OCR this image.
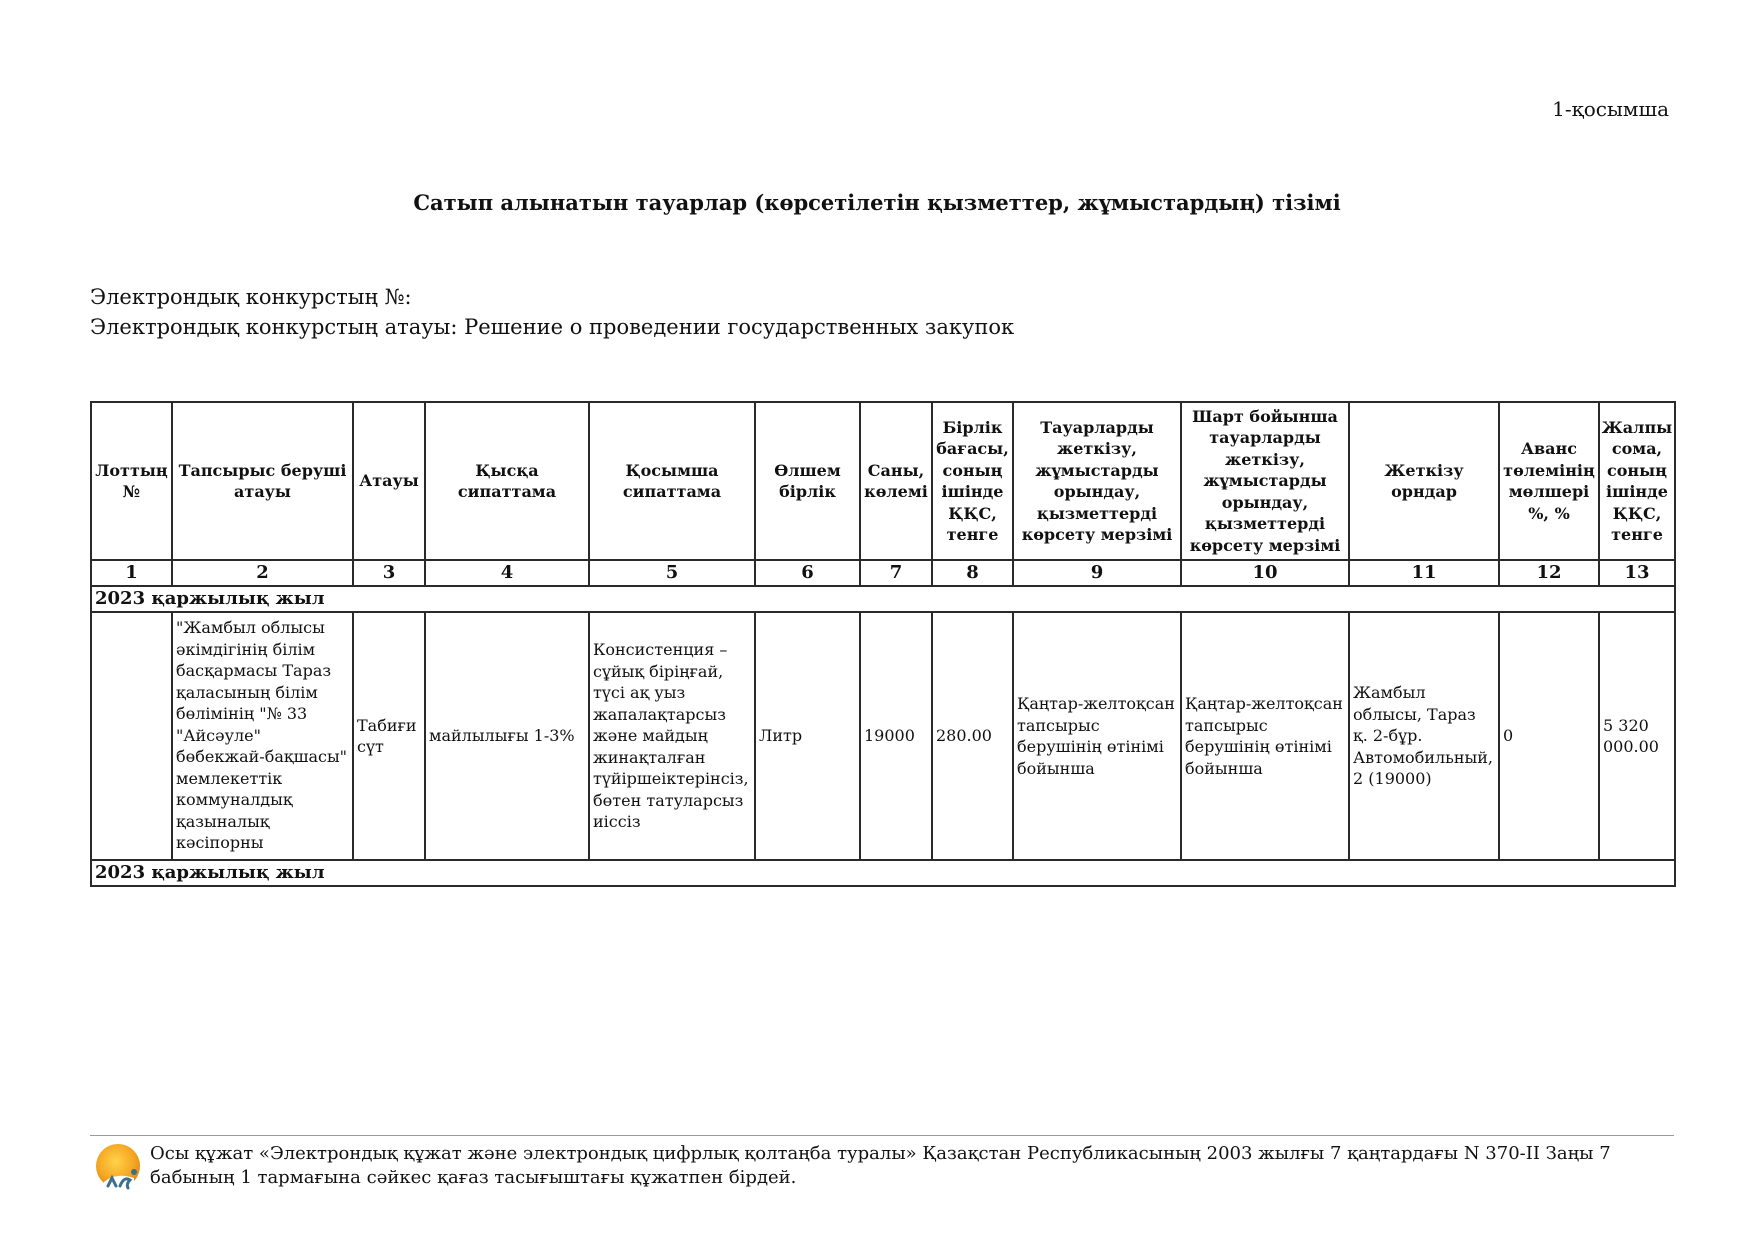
1-қосымша
Сатып алынатын тауарлар (көрсетілетін қызметтер, жұмыстардың) тізімі
Электрондық конкурстың №:
Электрондық конкурстың атауы: Решение о проведении государственных закупок
Лоттың №	Тапсырыс беруші атауы	Атауы	Қысқа сипаттама	Қосымша сипаттама	Өлшем бірлік	Саны, көлемі	Бірлік бағасы, соның ішінде ҚҚС, тенге	Тауарларды жеткізу, жұмыстарды орындау, қызметтерді көрсету мерзімі	Шарт бойынша тауарларды жеткізу, жұмыстарды орындау, қызметтерді көрсету мерзімі	Жеткізу орндар	Аванс төлемінің мөлшері %, %	Жалпы сома, соның ішінде ҚҚС, тенге
1	2	3	4	5	6	7	8	9	10	11	12	13
2023 қаржылық жыл												
	"Жамбыл облысы әкімдігінің білім басқармасы Тараз қаласының білім бөлімінің "№ 33 "Айсәуле" бөбекжай-бақшасы" мемлекеттік коммуналдық қазыналық кәсіпорны	Табиғи сүт	майлылығы 1-3%	Консистенция – сұйық біріңғай, түсі ақ уыз жапалақтарсыз және майдың жинақталған түйіршеіктерінсіз, бөтен татуларсыз иіссіз	Литр	19000	280.00	Қаңтар-желтоқсан тапсырыс берушінің өтінімі бойынша	Қаңтар-желтоқсан тапсырыс берушінің өтінімі бойынша	Жамбыл облысы, Тараз қ. 2-бұр. Автомобильный, 2 (19000)	0	5 320 000.00
2023 қаржылық жыл												
Осы құжат «Электрондық құжат және электрондық цифрлық қолтаңба туралы» Қазақстан Республикасының 2003 жылғы 7 қаңтардағы N 370-II Заңы 7 бабының 1 тармағына сәйкес қағаз тасығыштағы құжатпен бірдей.
